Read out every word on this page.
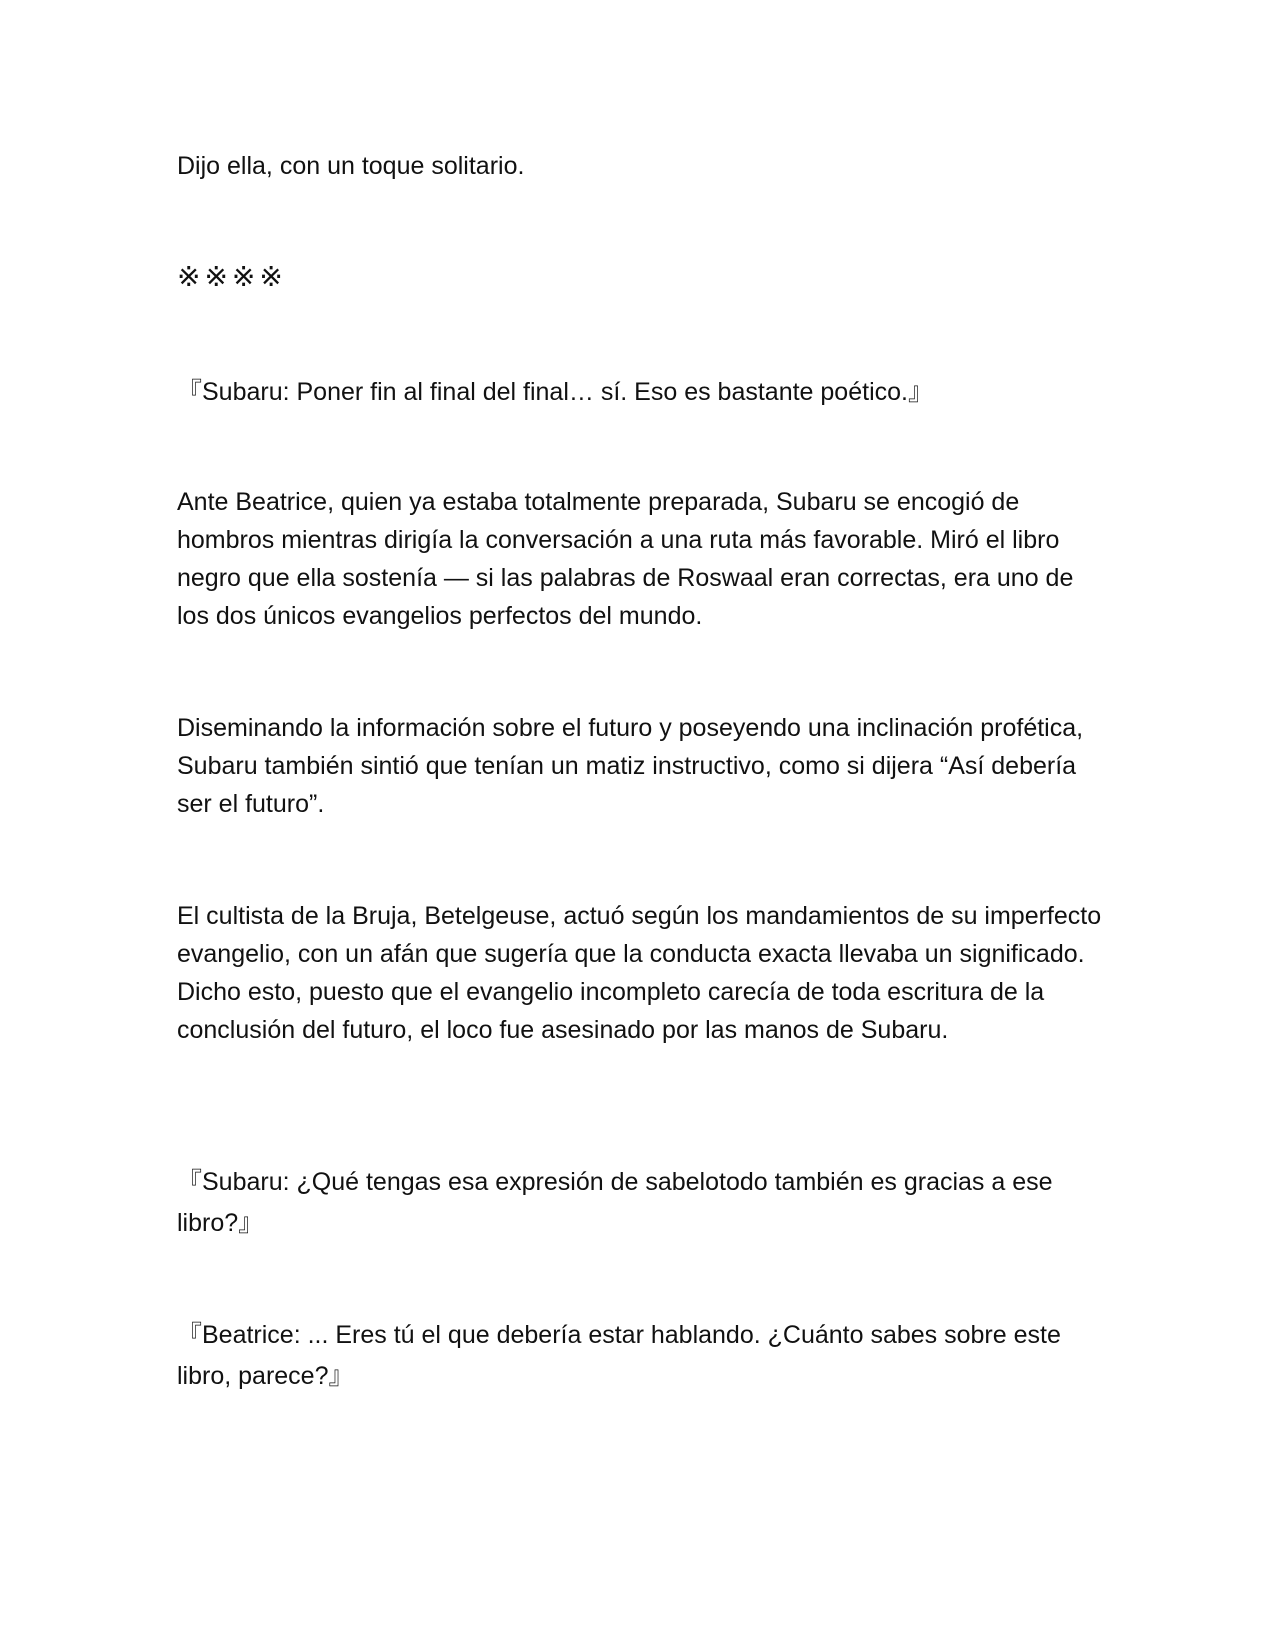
Dijo ella, con un toque solitario.

※※※※

『Subaru: Poner fin al final del final… sí. Eso es bastante poético.』

Ante Beatrice, quien ya estaba totalmente preparada, Subaru se encogió de hombros mientras dirigía la conversación a una ruta más favorable. Miró el libro negro que ella sostenía — si las palabras de Roswaal eran correctas, era uno de los dos únicos evangelios perfectos del mundo.

Diseminando la información sobre el futuro y poseyendo una inclinación profética, Subaru también sintió que tenían un matiz instructivo, como si dijera “Así debería ser el futuro”.

El cultista de la Bruja, Betelgeuse, actuó según los mandamientos de su imperfecto evangelio, con un afán que sugería que la conducta exacta llevaba un significado. Dicho esto, puesto que el evangelio incompleto carecía de toda escritura de la conclusión del futuro, el loco fue asesinado por las manos de Subaru.

『Subaru: ¿Qué tengas esa expresión de sabelotodo también es gracias a ese libro?』

『Beatrice: ... Eres tú el que debería estar hablando. ¿Cuánto sabes sobre este libro, parece?』
